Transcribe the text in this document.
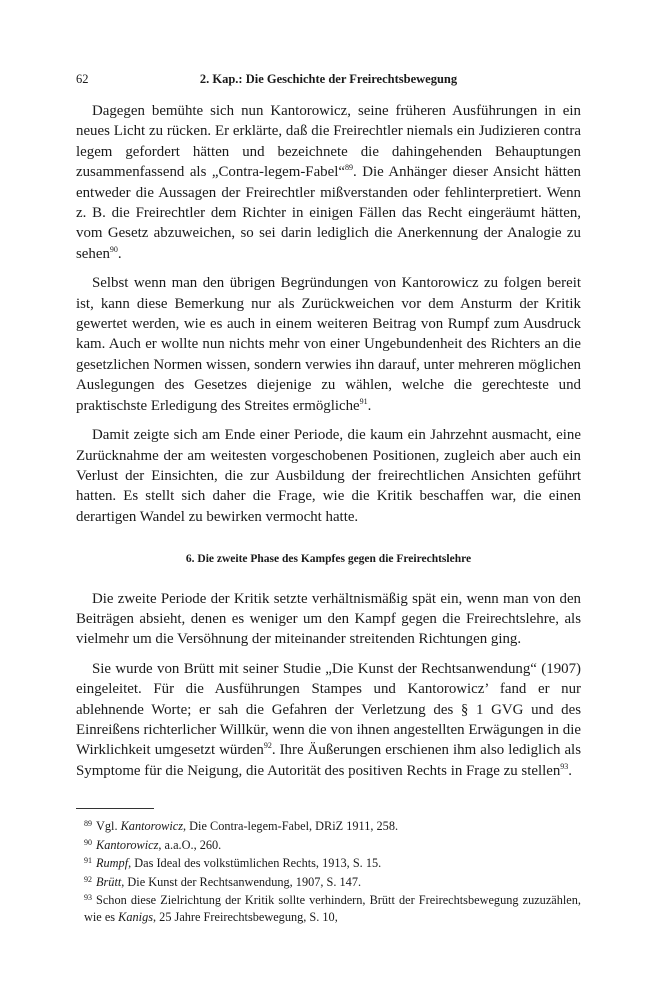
62	2. Kap.: Die Geschichte der Freirechtsbewegung

Dagegen bemühte sich nun Kantorowicz, seine früheren Ausführungen in ein neues Licht zu rücken. Er erklärte, daß die Freirechtler niemals ein Judizieren contra legem gefordert hätten und bezeichnete die dahingehenden Behauptungen zusammenfassend als „Contra-legem-Fabel“$^{89}$. Die Anhänger dieser Ansicht hätten entweder die Aussagen der Freirechtler mißverstanden oder fehlinterpretiert. Wenn z. B. die Freirechtler dem Richter in einigen Fällen das Recht eingeräumt hätten, vom Gesetz abzuweichen, so sei darin lediglich die Anerkennung der Analogie zu sehen$^{90}$.

Selbst wenn man den übrigen Begründungen von Kantorowicz zu folgen bereit ist, kann diese Bemerkung nur als Zurückweichen vor dem Ansturm der Kritik gewertet werden, wie es auch in einem weiteren Beitrag von Rumpf zum Ausdruck kam. Auch er wollte nun nichts mehr von einer Ungebundenheit des Richters an die gesetzlichen Normen wissen, sondern verwies ihn darauf, unter mehreren möglichen Auslegungen des Gesetzes diejenige zu wählen, welche die gerechteste und praktischste Erledigung des Streites ermögliche$^{91}$.

Damit zeigte sich am Ende einer Periode, die kaum ein Jahrzehnt ausmacht, eine Zurücknahme der am weitesten vorgeschobenen Positionen, zugleich aber auch ein Verlust der Einsichten, die zur Ausbildung der freirechtlichen Ansichten geführt hatten. Es stellt sich daher die Frage, wie die Kritik beschaffen war, die einen derartigen Wandel zu bewirken vermocht hatte.

6. Die zweite Phase des Kampfes gegen die Freirechtslehre

Die zweite Periode der Kritik setzte verhältnismäßig spät ein, wenn man von den Beiträgen absieht, denen es weniger um den Kampf gegen die Freirechtslehre, als vielmehr um die Versöhnung der miteinander streitenden Richtungen ging.

Sie wurde von Brütt mit seiner Studie „Die Kunst der Rechtsanwendung“ (1907) eingeleitet. Für die Ausführungen Stampes und Kantorowicz’ fand er nur ablehnende Worte; er sah die Gefahren der Verletzung des § 1 GVG und des Einreißens richterlicher Willkür, wenn die von ihnen angestellten Erwägungen in die Wirklichkeit umgesetzt würden$^{92}$. Ihre Äußerungen erschienen ihm also lediglich als Symptome für die Neigung, die Autorität des positiven Rechts in Frage zu stellen$^{93}$.

$^{89}$ Vgl. Kantorowicz, Die Contra-legem-Fabel, DRiZ 1911, 258.
$^{90}$ Kantorowicz, a.a.O., 260.
$^{91}$ Rumpf, Das Ideal des volkstümlichen Rechts, 1913, S. 15.
$^{92}$ Brütt, Die Kunst der Rechtsanwendung, 1907, S. 147.
$^{93}$ Schon diese Zielrichtung der Kritik sollte verhindern, Brütt der Freirechtsbewegung zuzuzählen, wie es Kanigs, 25 Jahre Freirechtsbewegung, S. 10,
